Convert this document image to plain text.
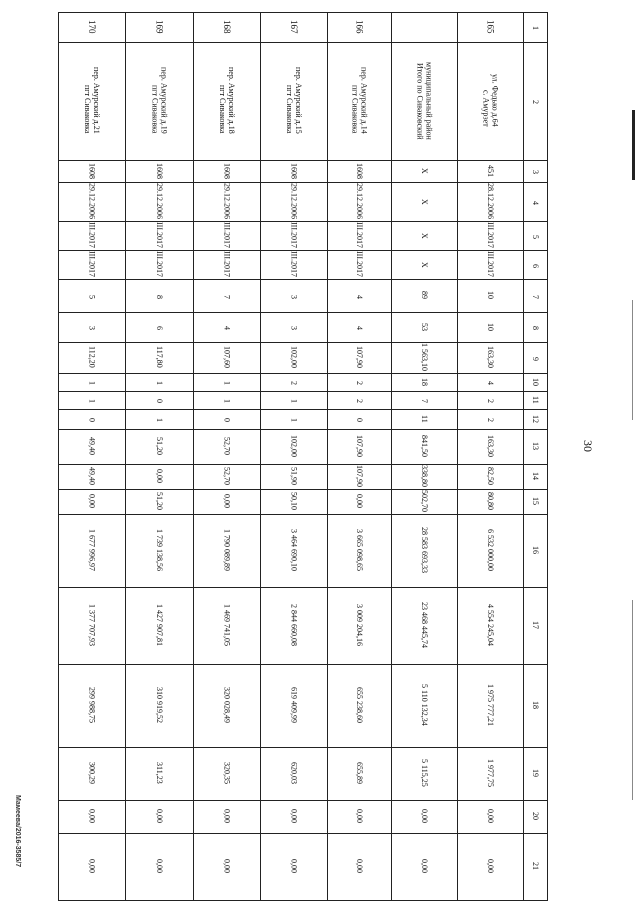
170	169	168	167	166		165	1
пгт Сиваковкапер. Амурский д.21	пгт Сиваковкапер. Амурский д.19	пгт Сиваковкапер. Амурский д.18	пгт Сиваковкапер. Амурский д.15	пгт Сиваковкапер. Амурский д.14	Итого по Сиваковскиймуниципальный район	с. Амурзетул. Федько д.64	2
1608	1608	1608	1608	1608	Х	451	3
29.12.2006	29.12.2006	29.12.2006	29.12.2006	29.12.2006	Х	28.12.2006	4
III.2017	III.2017	III.2017	III.2017	III.2017	Х	III.2017	5
III.2017	III.2017	III.2017	III.2017	III.2017	Х	III.2017	6
5	8	7	3	4	89	10	7
3	6	4	3	4	53	10	8
112,20	117,80	107,60	102,00	107,90	1 563,10	163,30	9
1	1	1	2	2	18	4	10
1	0	1	1	2	7	2	11
0	1	0	1	0	11	2	12
49,40	51,20	52,70	102,00	107,90	841,50	163,30	13
49,40	0,00	52,70	51,90	107,90	338,80	82,50	14
0,00	51,20	0,00	50,10	0,00	502,70	80,80	15
1 677 996,97	1 739 138,56	1 790 089,89	3 464 690,10	3 665 098,65	28 583 693,33	6 532 000,00	16
1 377 707,93	1 427 907,81	1 469 741,05	2 844 660,08	3 009 204,16	23 468 445,74	4 554 245,04	17
299 988,75	310 919,52	320 028,49	619 409,99	655 238,60	5 110 132,34	1 975 777,21	18
300,29	311,23	320,35	620,03	655,89	5 115,25	1 977,75	19
0,00	0,00	0,00	0,00	0,00	0,00	0,00	20
0,00	0,00	0,00	0,00	0,00	0,00	0,00	21
30
Мамеева/2016-3585/7
